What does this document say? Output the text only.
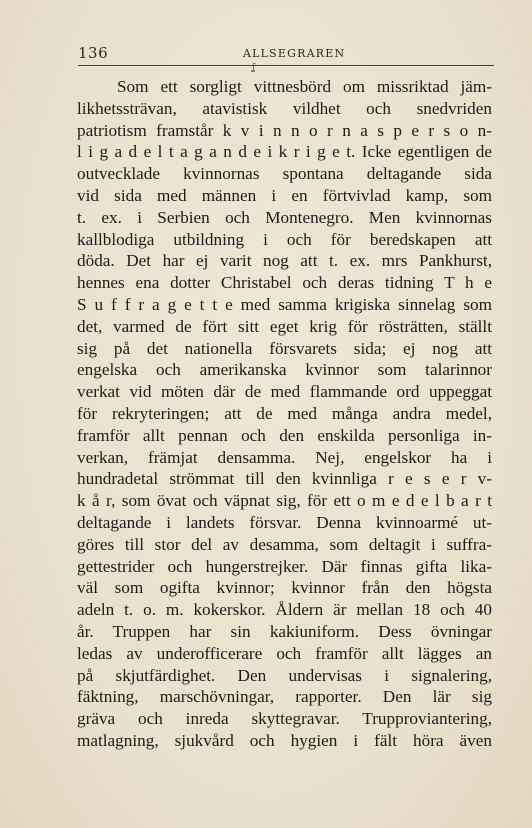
136	ALLSEGRAREN
ʆ
Som ett sorgligt vittnesbörd om missriktad jäm-
likhetssträvan, atavistisk vildhet och snedvriden
patriotism framstår k v i n n o r n a s p e r s o n-
l i g a d e l t a g a n d e i k r i g e t. Icke egentligen de
outvecklade kvinnornas spontana deltagande sida
vid sida med männen i en förtvivlad kamp, som
t. ex. i Serbien och Montenegro. Men kvinnornas
kallblodiga utbildning i och för beredskapen att
döda. Det har ej varit nog att t. ex. mrs Pankhurst,
hennes ena dotter Christabel och deras tidning T h e
S u f f r a g e t t e med samma krigiska sinnelag som
det, varmed de fört sitt eget krig för rösträtten, ställt
sig på det nationella försvarets sida; ej nog att
engelska och amerikanska kvinnor som talarinnor
verkat vid möten där de med flammande ord uppeggat
för rekryteringen; att de med många andra medel,
framför allt pennan och den enskilda personliga in-
verkan, främjat densamma. Nej, engelskor ha i
hundradetal strömmat till den kvinnliga r e s e r v-
k å r, som övat och väpnat sig, för ett o m e d e l b a r t
deltagande i landets försvar. Denna kvinnoarmé ut-
göres till stor del av desamma, som deltagit i suffra-
gettestrider och hungerstrejker. Där finnas gifta lika-
väl som ogifta kvinnor; kvinnor från den högsta
adeln t. o. m. kokerskor. Åldern är mellan 18 och 40
år. Truppen har sin kakiuniform. Dess övningar
ledas av underofficerare och framför allt lägges an
på skjutfärdighet. Den undervisas i signalering,
fäktning, marschövningar, rapporter. Den lär sig
gräva och inreda skyttegravar. Trupproviantering,
matlagning, sjukvård och hygien i fält höra även
